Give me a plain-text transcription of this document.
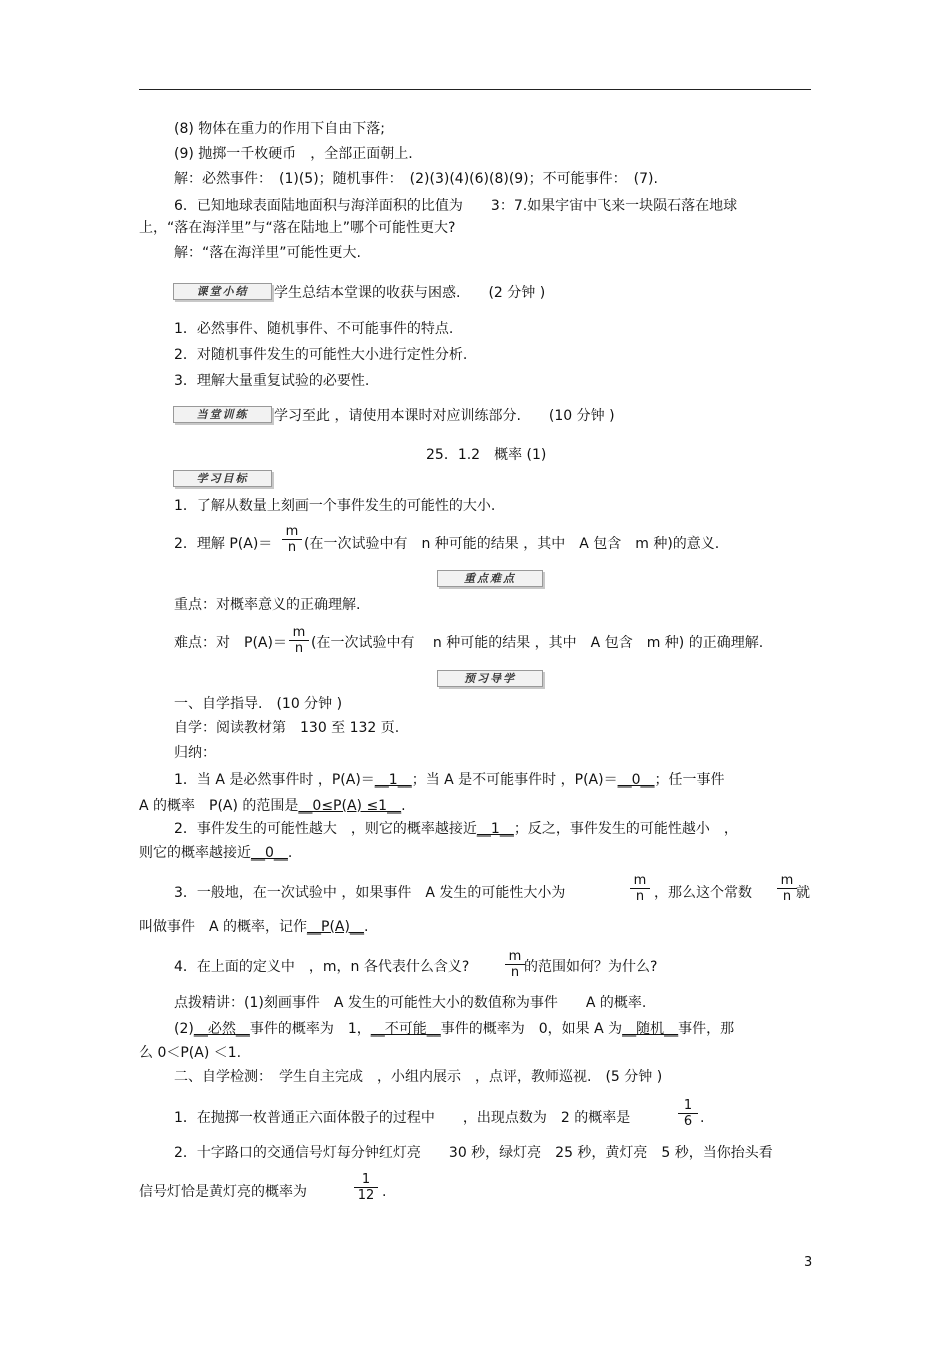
(8) 物体在重力的作用下自由下落;
(9) 抛掷一千枚硬币　，全部正面朝上.
解：必然事件：　(1)(5)；随机事件：　(2)(3)(4)(6)(8)(9)；不可能事件：　(7).
6．已知地球表面陆地面积与海洋面积的比值为　　3：7.如果宇宙中飞来一块陨石落在地球
上，“落在海洋里”与“落在陆地上”哪个可能性更大?
解：“落在海洋里”可能性更大.
课堂小结	学生总结本堂课的收获与困惑.　　(2 分钟 )
1．必然事件、随机事件、不可能事件的特点.
2．对随机事件发生的可能性大小进行定性分析.
3．理解大量重复试验的必要性.
当堂训练	学习至此 ，请使用本课时对应训练部分.　　(10 分钟 )
25．1.2　概率 (1)
学习目标
1．了解从数量上刻画一个事件发生的可能性的大小.
2．理解 P(A)＝
m
n (在一次试验中有　n 种可能的结果 ，其中　A 包含　m 种)的意义.
重点难点
重点：对概率意义的正确理解.
难点：对　P(A)＝
m
n (在一次试验中有　 n 种可能的结果 ，其中　A 包含　m 种) 的正确理解.
预习导学
一、自学指导.　(10 分钟 )
自学：阅读教材第　130 至 132 页.
归纳：
1．当 A 是必然事件时 ，P(A)＝__1__；当 A 是不可能事件时 ，P(A)＝__0__；任一事件
A 的概率　P(A) 的范围是__0≤P(A) ≤1__.
2．事件发生的可能性越大　，则它的概率越接近__1__；反之，事件发生的可能性越小　，
则它的概率越接近__0__.
3．一般地，在一次试验中 ，如果事件　A 发生的可能性大小为
m
n ，那么这个常数
m
n 就
叫做事件　A 的概率，记作__P(A)__.
4．在上面的定义中　，m，n 各代表什么含义?
m
n 的范围如何？为什么?
点拨精讲：(1)刻画事件　A 发生的可能性大小的数值称为事件　　A 的概率.
(2)__必然__事件的概率为　1，__不可能__事件的概率为　0，如果 A 为__随机__事件，那
么 0＜P(A) ＜1.
二、自学检测：　学生自主完成　，小组内展示　，点评，教师巡视.　(5 分钟 )
1．在抛掷一枚普通正六面体骰子的过程中　　，出现点数为　2 的概率是
1
6 .
2．十字路口的交通信号灯每分钟红灯亮　　30 秒，绿灯亮　25 秒，黄灯亮　5 秒，当你抬头看
信号灯恰是黄灯亮的概率为
1
12 .
3
